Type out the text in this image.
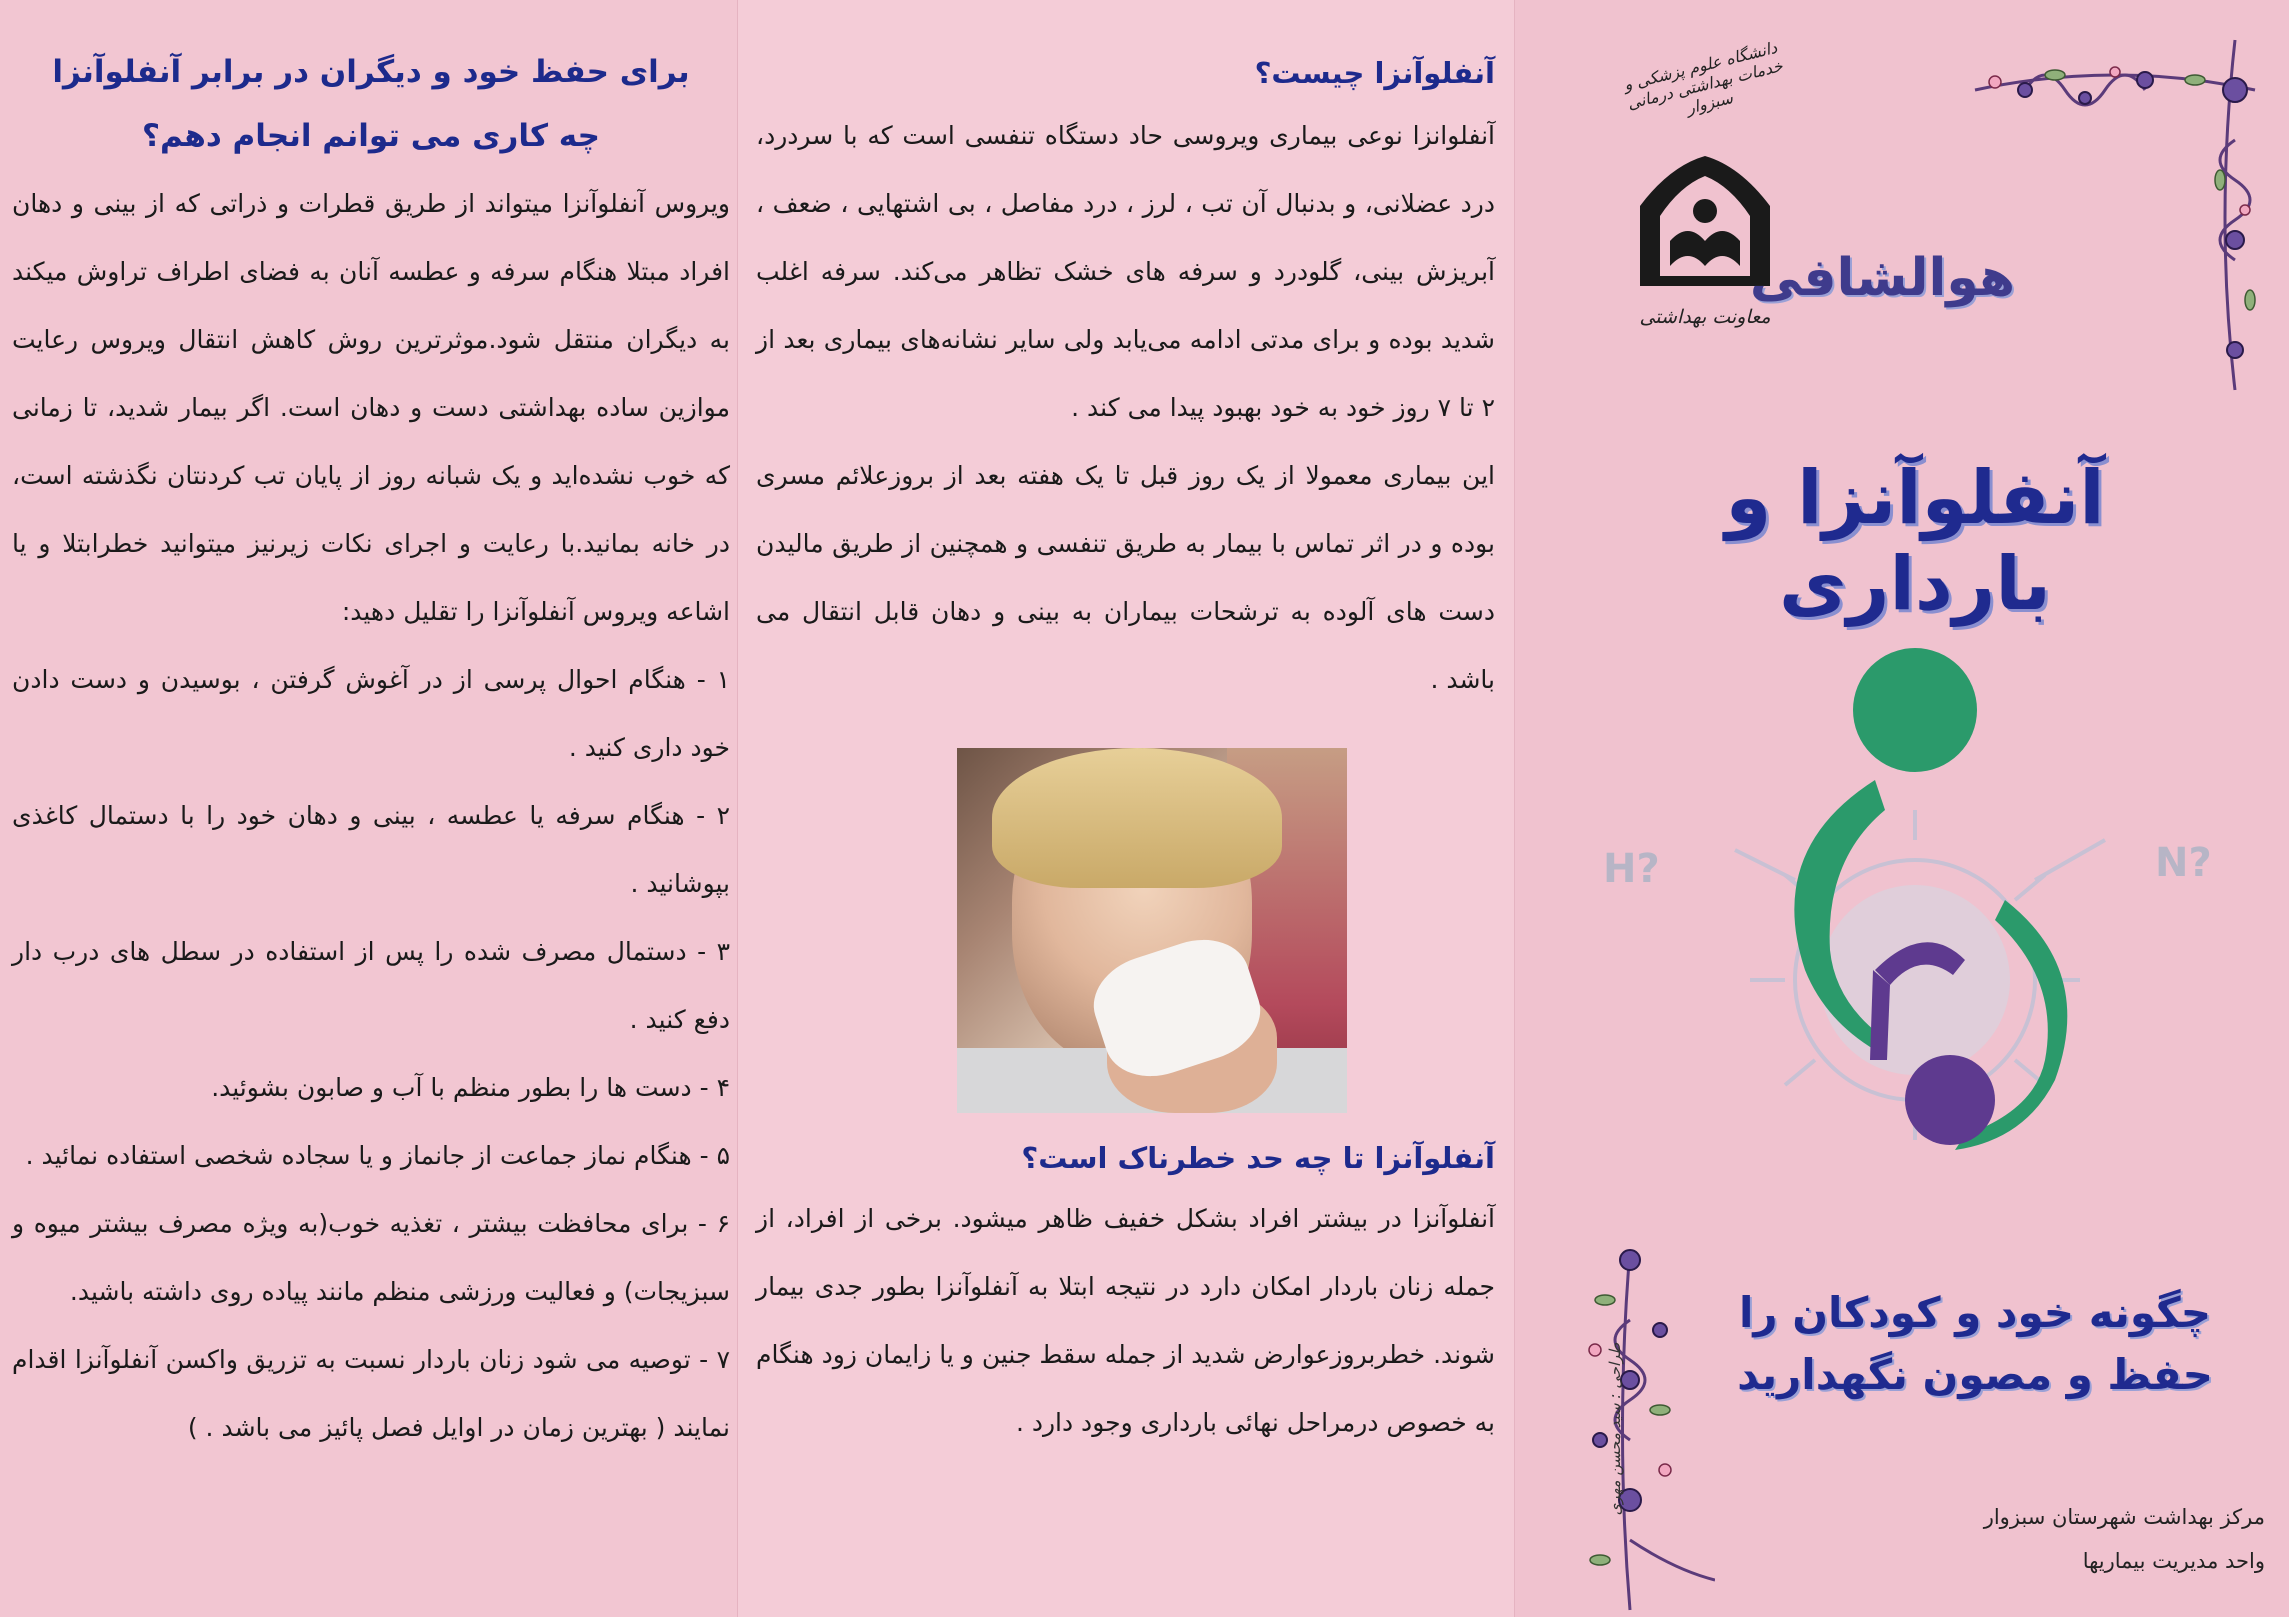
برای حفظ خود و دیگران در برابر آنفلوآنزا
چه کاری می توانم انجام دهم؟

ویروس آنفلوآنزا میتواند از طریق قطرات و ذراتی که از بینی و دهان افراد مبتلا هنگام سرفه و عطسه آنان به فضای اطراف تراوش میکند به دیگران منتقل شود.موثرترین روش کاهش انتقال ویروس رعایت موازین ساده بهداشتی دست و دهان است. اگر بیمار شدید، تا زمانی که خوب نشده‌اید و یک شبانه روز از پایان تب کردنتان نگذشته است، در خانه بمانید.با رعایت و اجرای نکات زیرنیز میتوانید خطرابتلا و یا اشاعه ویروس آنفلوآنزا را تقلیل دهید:

۱ - هنگام احوال پرسی از در آغوش گرفتن ، بوسیدن و دست دادن خود داری کنید .

۲ - هنگام سرفه یا عطسه ، بینی و دهان خود را با دستمال کاغذی بپوشانید .

۳ - دستمال مصرف شده را پس از استفاده در سطل های درب دار دفع کنید .

۴ - دست ها را بطور منظم با آب و صابون بشوئید.

۵ - هنگام نماز جماعت از جانماز و یا سجاده شخصی استفاده نمائید .

۶ - برای محافظت بیشتر ، تغذیه خوب(به ویژه مصرف بیشتر میوه و سبزیجات) و فعالیت ورزشی منظم مانند پیاده روی داشته باشید.

۷ - توصیه می شود زنان باردار نسبت به تزریق واکسن آنفلوآنزا اقدام نمایند ( بهترین زمان در اوایل فصل پائیز می باشد . )

آنفلوآنزا چیست؟

آنفلوانزا نوعی بیماری ویروسی حاد دستگاه تنفسی است که با سردرد، درد عضلانی، و بدنبال آن تب ، لرز ، درد مفاصل ، بی اشتهایی ، ضعف ، آبریزش بینی، گلودرد و سرفه های خشک تظاهر می‌کند. سرفه اغلب شدید بوده و برای مدتی ادامه می‌یابد ولی سایر نشانه‌های بیماری بعد از ۲ تا ۷ روز خود به خود بهبود پیدا می کند .

این بیماری معمولا از یک روز قبل تا یک هفته بعد از بروزعلائم مسری بوده و در اثر تماس با بیمار به طریق تنفسی و همچنین از طریق مالیدن دست های آلوده به ترشحات بیماران به بینی و دهان قابل انتقال می باشد .

آنفلوآنزا تا چه حد خطرناک است؟

آنفلوآنزا در بیشتر افراد بشکل خفیف ظاهر میشود. برخی از افراد، از جمله زنان باردار امکان دارد در نتیجه ابتلا به آنفلوآنزا بطور جدی بیمار شوند. خطربروزعوارض شدید از جمله سقط جنین و یا زایمان زود هنگام به خصوص درمراحل نهائی بارداری وجود دارد .

دانشگاه علوم پزشکی و خدمات بهداشتی درمانی سبزوار
معاونت بهداشتی
هوالشافی
آنفلوآنزا و بارداری
H?	N?
طراحی : سید محسن مهری
چگونه خود و کودکان را
حفظ و مصون نگهدارید
مرکز بهداشت شهرستان سبزوار
واحد مدیریت بیماریها
